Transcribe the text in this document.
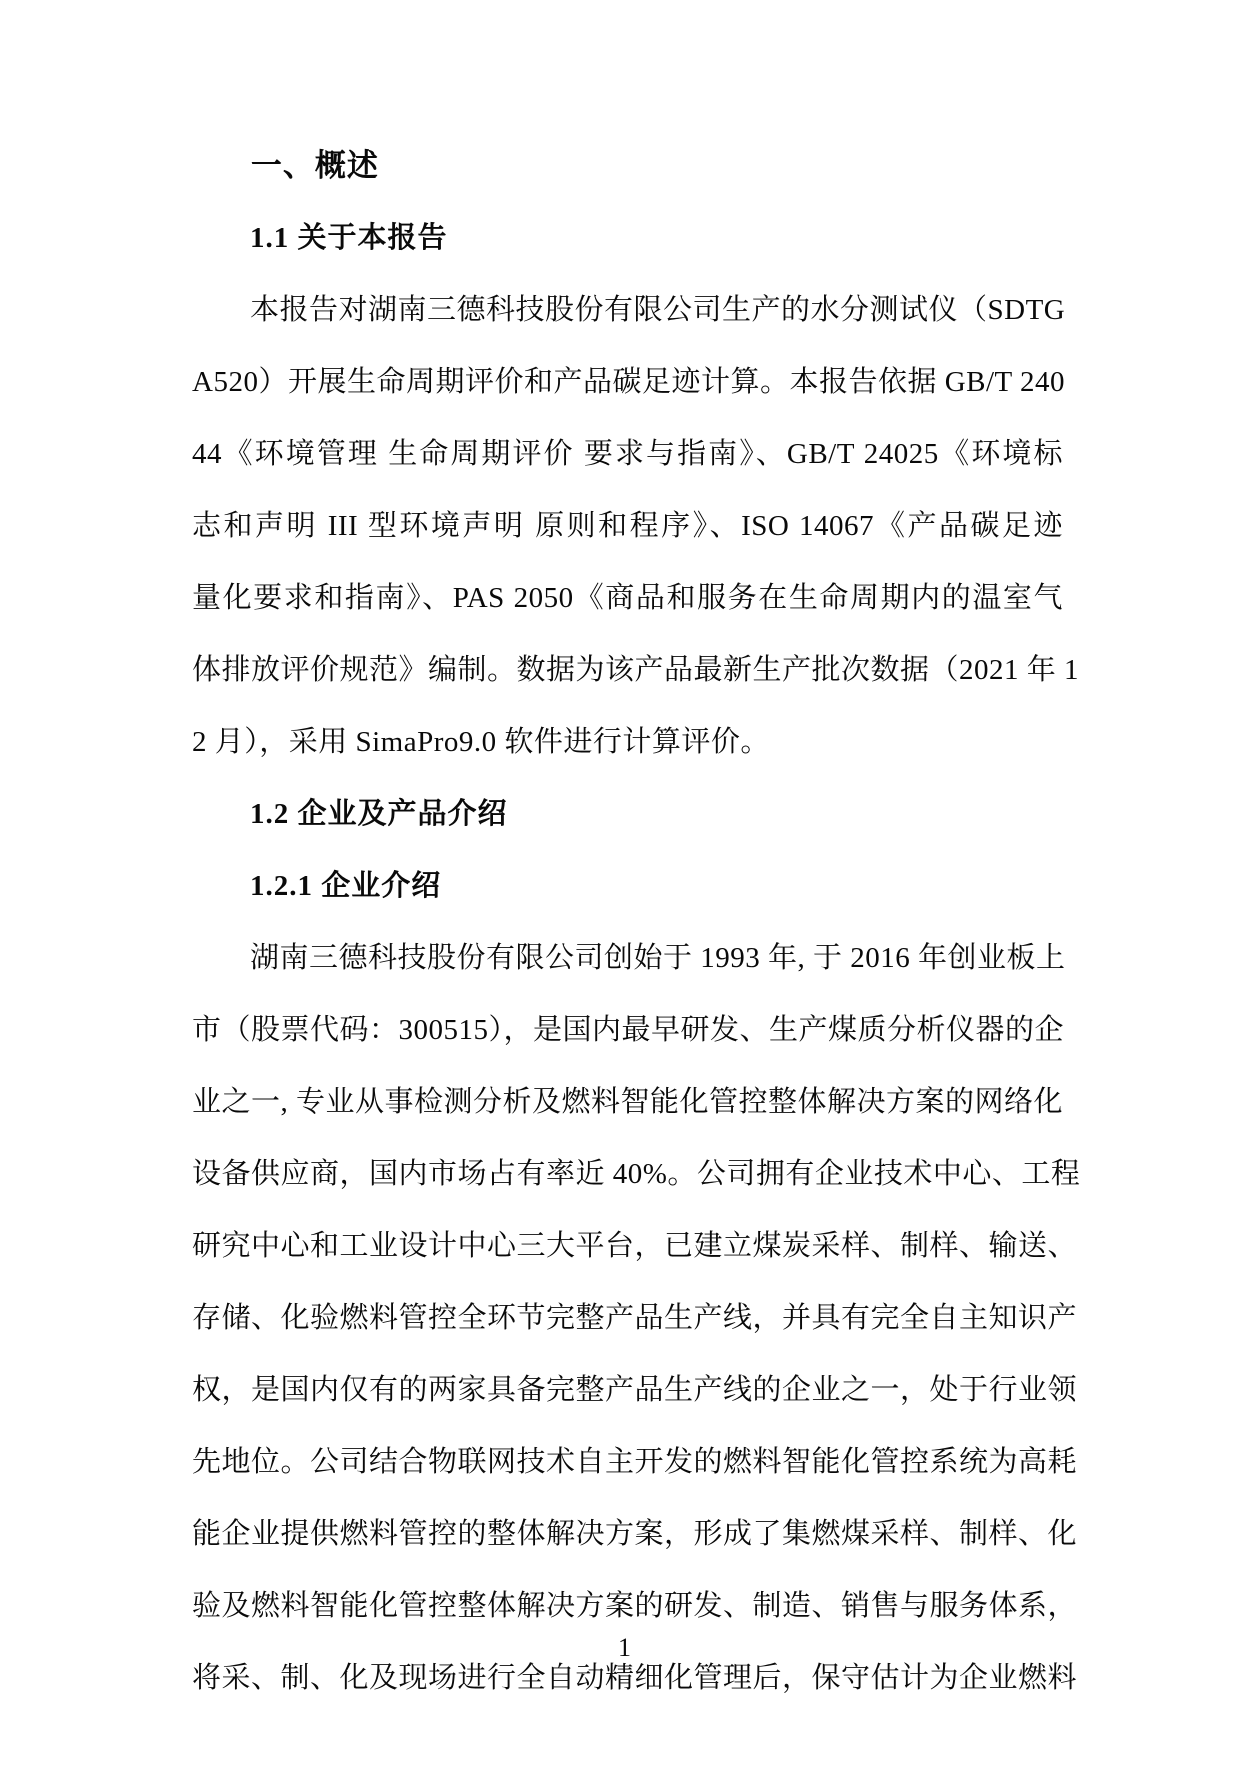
一、概述
1.1 关于本报告
本报告对湖南三德科技股份有限公司生产的水分测试仪（SDTG
A520）开展生命周期评价和产品碳足迹计算。本报告依据 GB/T 240
44《环境管理 生命周期评价 要求与指南》、GB/T 24025《环境标
志和声明 III 型环境声明 原则和程序》、ISO 14067《产品碳足迹
量化要求和指南》、PAS 2050《商品和服务在生命周期内的温室气
体排放评价规范》编制。数据为该产品最新生产批次数据（2021 年 1
2 月），采用 SimaPro9.0 软件进行计算评价。
1.2 企业及产品介绍
1.2.1 企业介绍
湖南三德科技股份有限公司创始于 1993 年, 于 2016 年创业板上
市（股票代码：300515），是国内最早研发、生产煤质分析仪器的企
业之一, 专业从事检测分析及燃料智能化管控整体解决方案的网络化
设备供应商，国内市场占有率近 40%。公司拥有企业技术中心、工程
研究中心和工业设计中心三大平台，已建立煤炭采样、制样、输送、
存储、化验燃料管控全环节完整产品生产线，并具有完全自主知识产
权，是国内仅有的两家具备完整产品生产线的企业之一，处于行业领
先地位。公司结合物联网技术自主开发的燃料智能化管控系统为高耗
能企业提供燃料管控的整体解决方案，形成了集燃煤采样、制样、化
验及燃料智能化管控整体解决方案的研发、制造、销售与服务体系，
将采、制、化及现场进行全自动精细化管理后，保守估计为企业燃料
1
